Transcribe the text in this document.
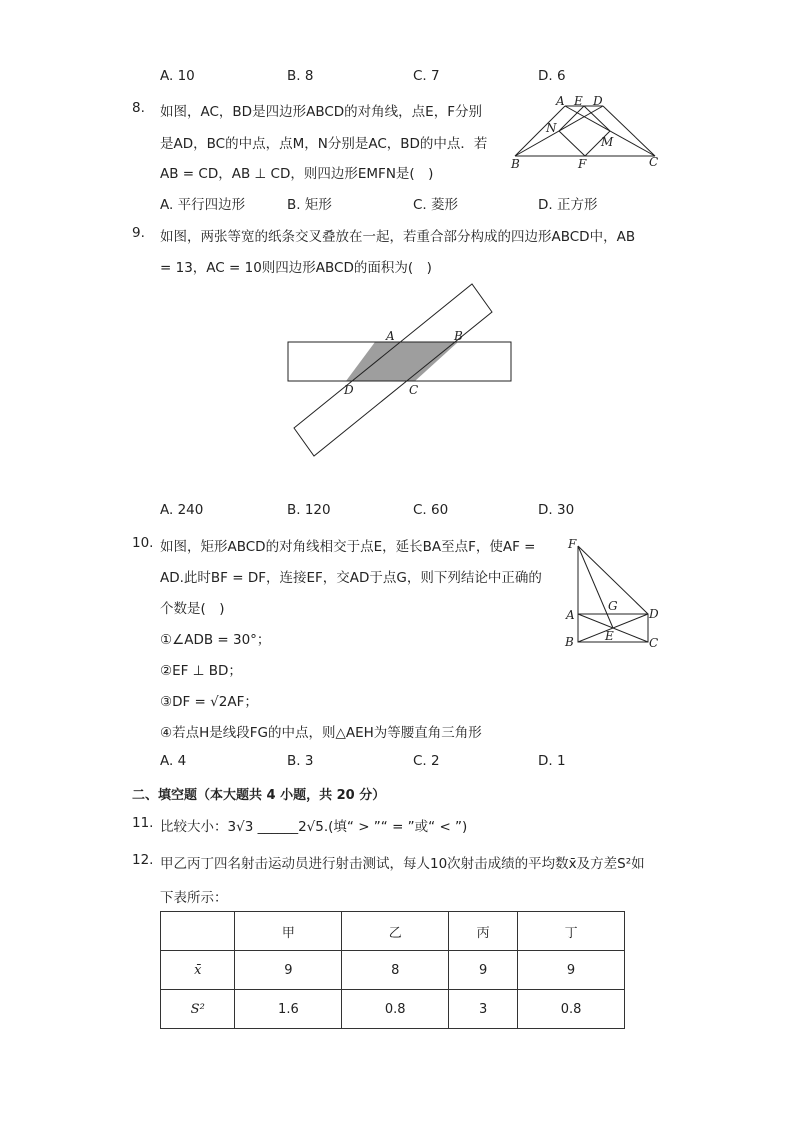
A. 10	B. 8	C. 7	D. 6
8. 如图，AC，BD是四边形ABCD的对角线，点E，F分别
是AD，BC的中点，点M，N分别是AC，BD的中点．若
AB = CD，AB ⊥ CD，则四边形EMFN是(　)
A E D
N
M
B	F	C
A. 平行四边形	B. 矩形	C. 菱形	D. 正方形
9. 如图，两张等宽的纸条交叉叠放在一起，若重合部分构成的四边形ABCD中，AB
= 13，AC = 10则四边形ABCD的面积为(　)
A	B
D	C
A. 240	B. 120	C. 60	D. 30
10. 如图，矩形ABCD的对角线相交于点E，延长BA至点F，使AF =
AD.此时BF = DF，连接EF，交AD于点G，则下列结论中正确的
个数是(　)
①∠ADB = 30°；
②EF ⊥ BD；
③DF = √2AF；
④若点H是线段FG的中点，则△AEH为等腰直角三角形
F
A
G
D
E
B	C
A. 4	B. 3	C. 2	D. 1
二、填空题（本大题共 4 小题，共 20 分）
11. 比较大小：3√3 ______2√5.(填“ > ”“ = ”或“ < ”)
12. 甲乙丙丁四名射击运动员进行射击测试，每人10次射击成绩的平均数x̄及方差S²如
下表所示：
	甲	乙	丙	丁
x̄	9	8	9	9
S²	1.6	0.8	3	0.8
